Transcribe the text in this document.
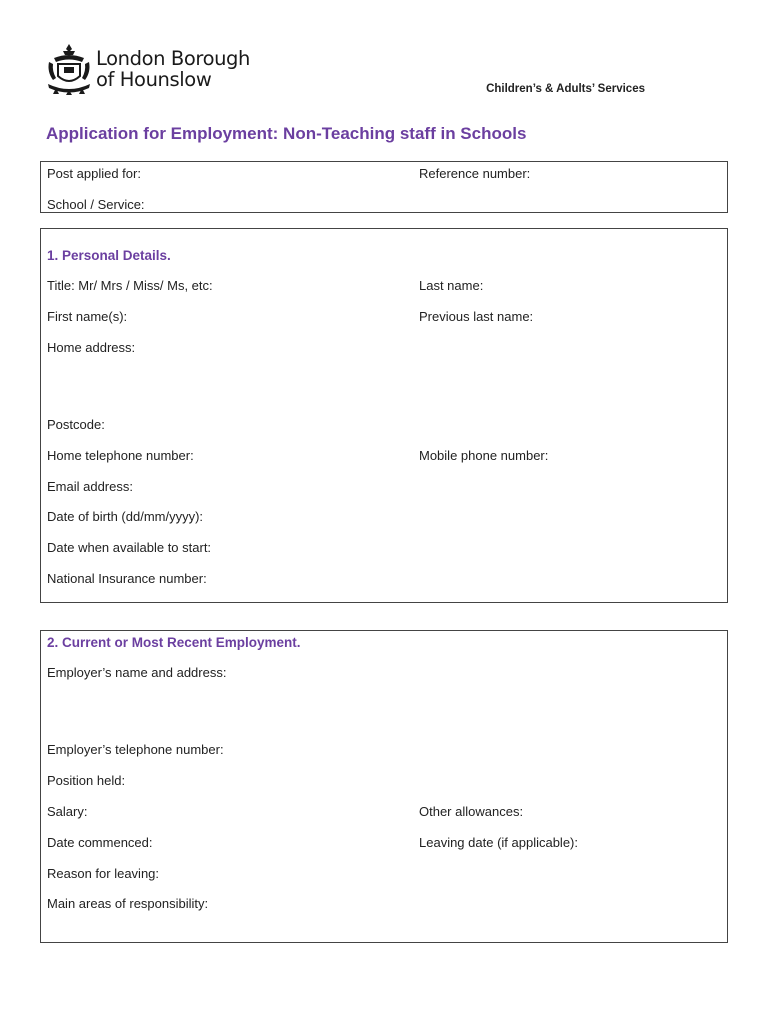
London Borough
of Hounslow	Children’s & Adults’ Services
Application for Employment: Non-Teaching staff in Schools
Post applied for:	Reference number:
School / Service:
1. Personal Details.
Title: Mr/ Mrs / Miss/ Ms, etc:	Last name:
First name(s):	Previous last name:
Home address:
Postcode:
Home telephone number:	Mobile phone number:
Email address:
Date of birth (dd/mm/yyyy):
Date when available to start:
National Insurance number:
2. Current or Most Recent Employment.
Employer’s name and address:
Employer’s telephone number:
Position held:
Salary:	Other allowances:
Date commenced:	Leaving date (if applicable):
Reason for leaving:
Main areas of responsibility:
